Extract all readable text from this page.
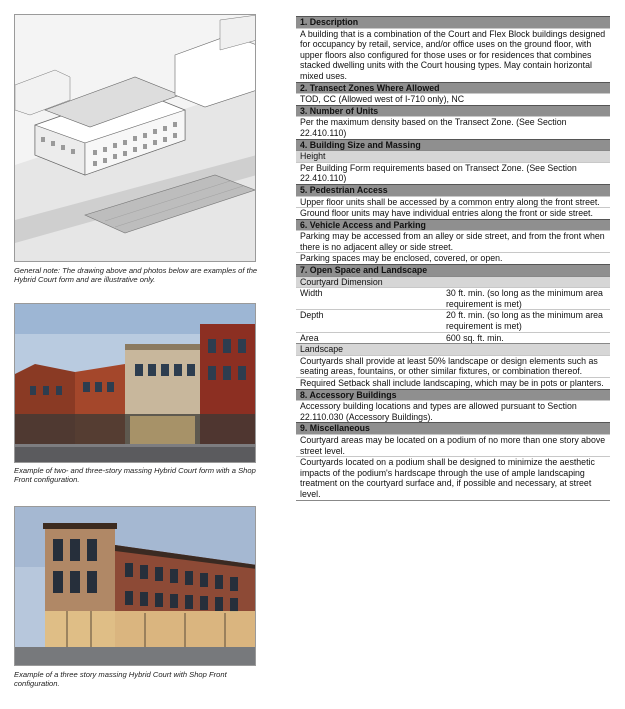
General note: The drawing above and photos below are examples of the Hybrid Court form and are illustrative only.

Example of two- and three-story massing Hybrid Court form with a Shop Front configuration.

Example of a three story massing Hybrid Court with Shop Front configuration.

1. Description
A building that is a combination of the Court and Flex Block buildings designed for occupancy by retail, service, and/or office uses on the ground floor, with upper floors also configured for those uses or for residences that combines stacked dwelling units with the Court housing types. May contain horizontal mixed uses.
2. Transect Zones Where Allowed
TOD, CC (Allowed west of I-710 only), NC
3. Number of Units
Per the maximum density based on the Transect Zone. (See Section 22.410.110)
4. Building Size and Massing
Height
Per Building Form requirements based on Transect Zone. (See Section 22.410.110)
5. Pedestrian Access
Upper floor units shall be accessed by a common entry along the front street.
Ground floor units may have individual entries along the front or side street.
6. Vehicle Access and Parking
Parking may be accessed from an alley or side street, and from the front when there is no adjacent alley or side street.
Parking spaces may be enclosed, covered, or open.
7. Open Space and Landscape
Courtyard Dimension
Width	30 ft. min. (so long as the minimum area requirement is met)
Depth	20 ft. min. (so long as the minimum area requirement is met)
Area	600 sq. ft. min.
Landscape
Courtyards shall provide at least 50% landscape or design elements such as seating areas, fountains, or other similar fixtures, or combination thereof.
Required Setback shall include landscaping, which may be in pots or planters.
8. Accessory Buildings
Accessory building locations and types are allowed pursuant to Section 22.110.030 (Accessory Buildings).
9. Miscellaneous
Courtyard areas may be located on a podium of no more than one story above street level.
Courtyards located on a podium shall be designed to minimize the aesthetic impacts of the podium's hardscape through the use of ample landscaping treatment on the courtyard surface and, if possible and necessary, at street level.
